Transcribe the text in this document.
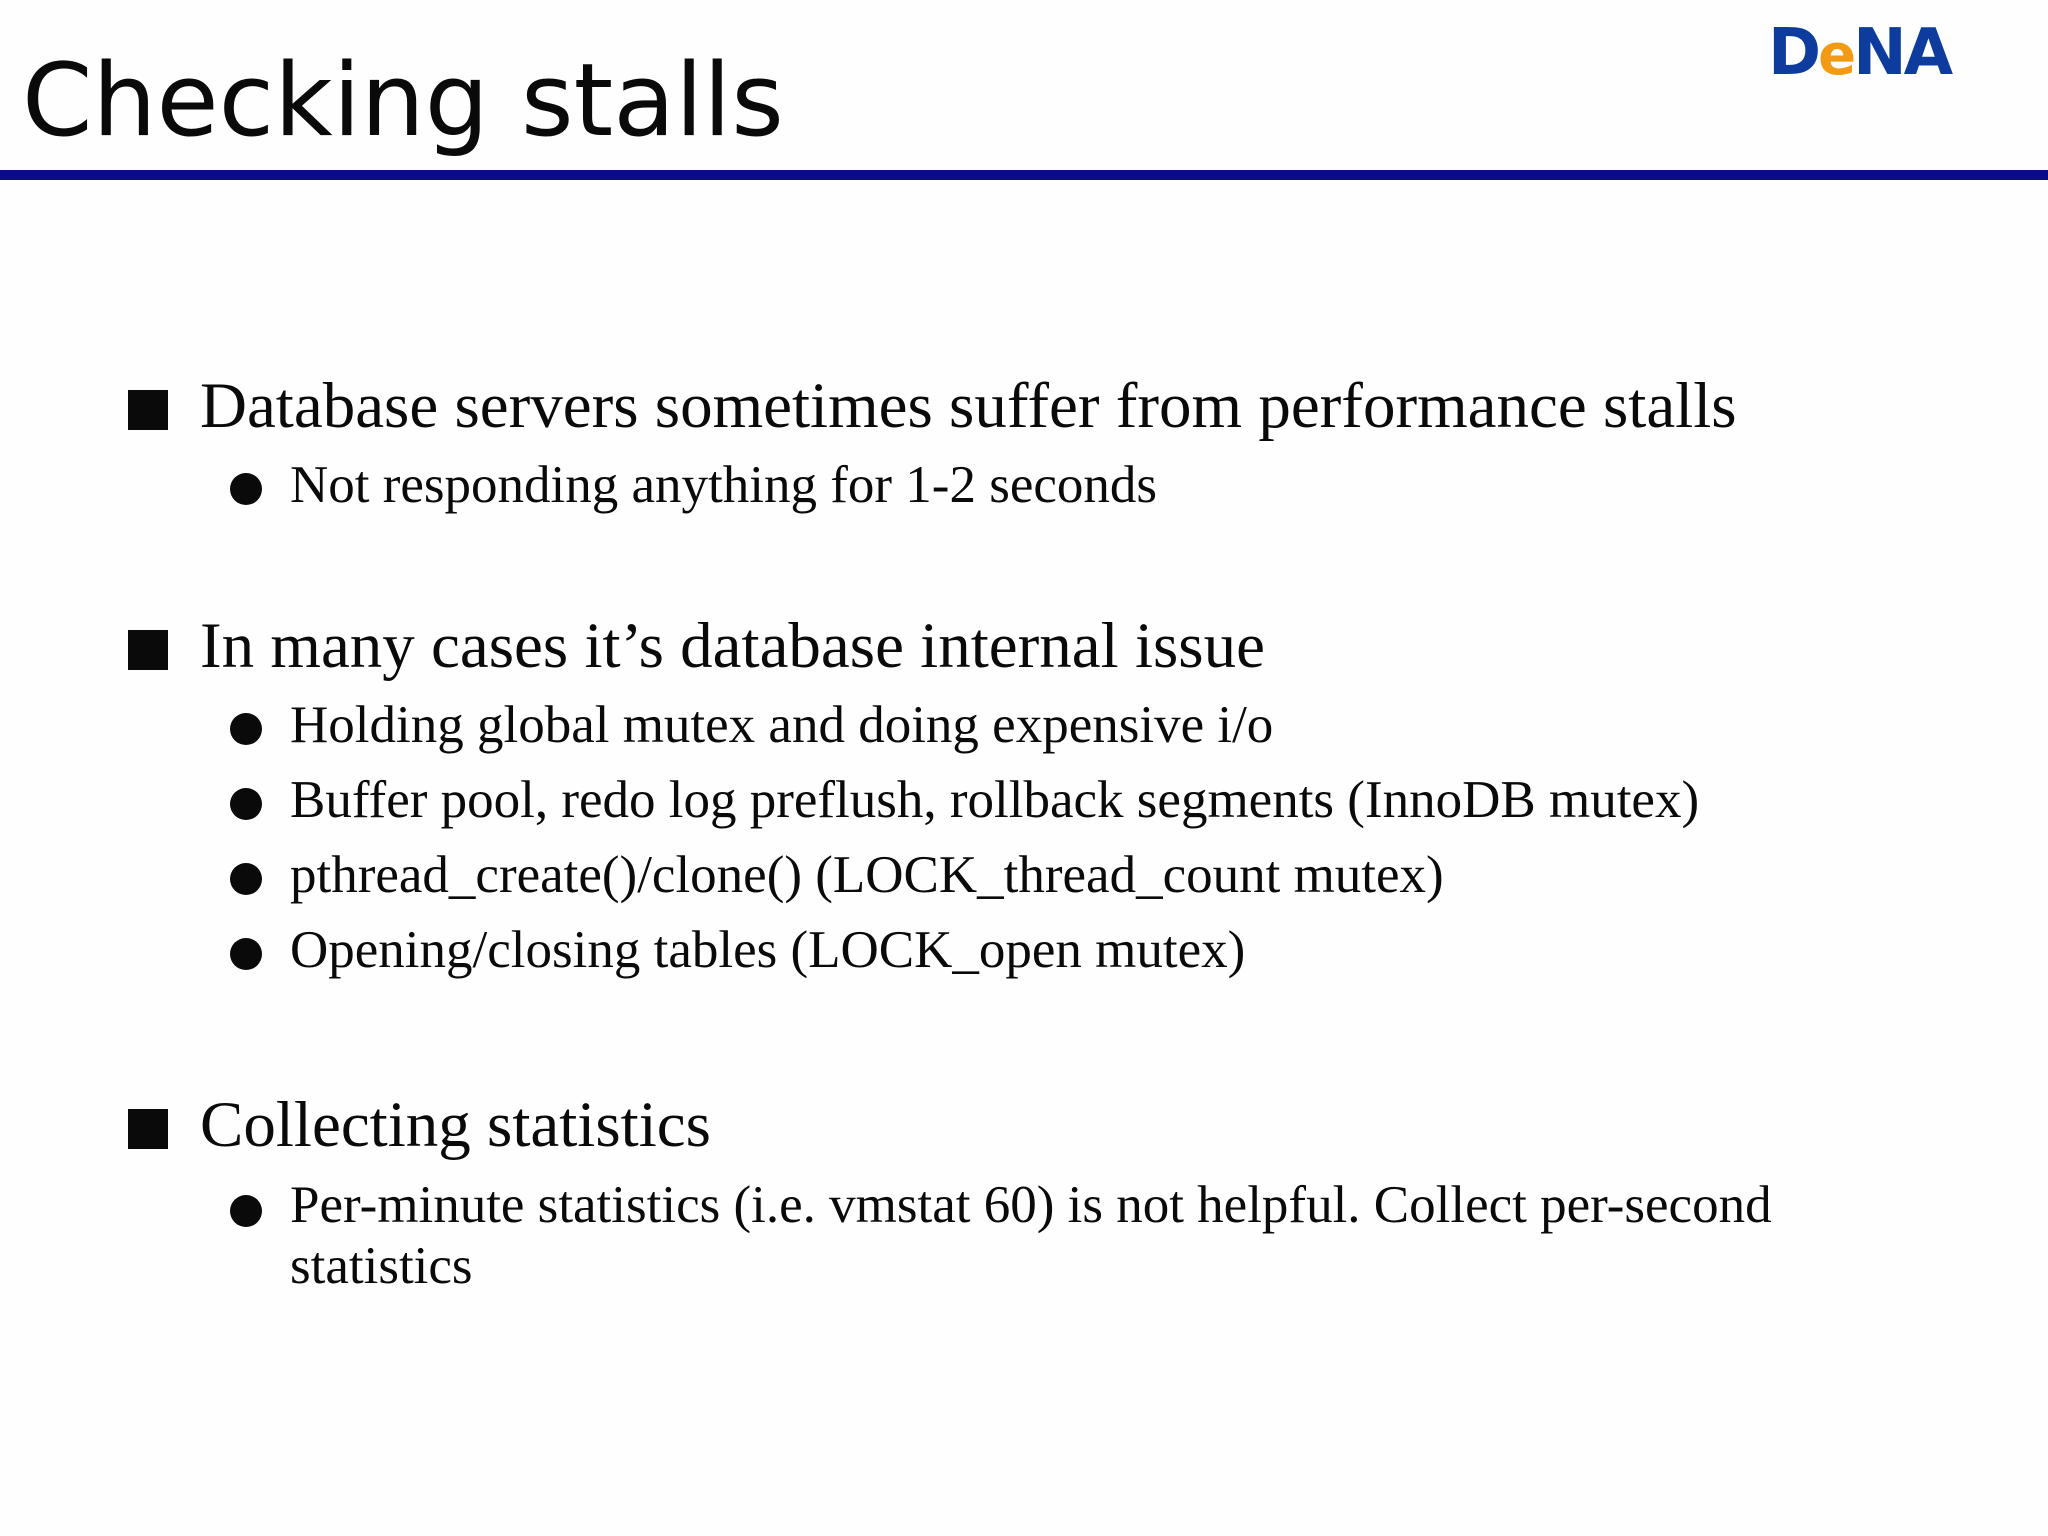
Checking stalls	DeNA
Database servers sometimes suffer from performance stalls
Not responding anything for 1-2 seconds
In many cases it’s database internal issue
Holding global mutex and doing expensive i/o
Buffer pool, redo log preflush, rollback segments (InnoDB mutex)
pthread_create()/clone() (LOCK_thread_count mutex)
Opening/closing tables (LOCK_open mutex)
Collecting statistics
Per-minute statistics (i.e. vmstat 60) is not helpful. Collect per-second statistics
